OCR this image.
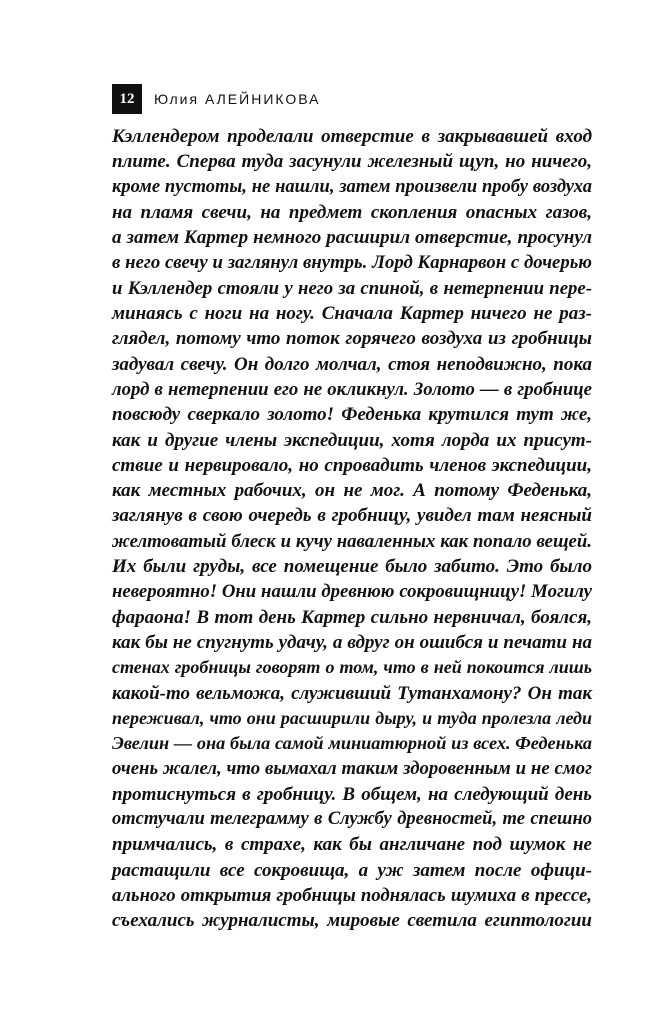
12	Юлия АЛЕЙНИКОВА
Кэллендером проделали отверстие в закрывавшей вход
плите. Сперва туда засунули железный щуп, но ничего,
кроме пустоты, не нашли, затем произвели пробу воздуха
на пламя свечи, на предмет скопления опасных газов,
а затем Картер немного расширил отверстие, просунул
в него свечу и заглянул внутрь. Лорд Карнарвон с дочерью
и Кэллендер стояли у него за спиной, в нетерпении пере-
минаясь с ноги на ногу. Сначала Картер ничего не раз-
глядел, потому что поток горячего воздуха из гробницы
задувал свечу. Он долго молчал, стоя неподвижно, пока
лорд в нетерпении его не окликнул. Золото — в гробнице
повсюду сверкало золото! Феденька крутился тут же,
как и другие члены экспедиции, хотя лорда их присут-
ствие и нервировало, но спровадить членов экспедиции,
как местных рабочих, он не мог. А потому Феденька,
заглянув в свою очередь в гробницу, увидел там неясный
желтоватый блеск и кучу наваленных как попало вещей.
Их были груды, все помещение было забито. Это было
невероятно! Они нашли древнюю сокровищницу! Могилу
фараона! В тот день Картер сильно нервничал, боялся,
как бы не спугнуть удачу, а вдруг он ошибся и печати на
стенах гробницы говорят о том, что в ней покоится лишь
какой-то вельможа, служивший Тутанхамону? Он так
переживал, что они расширили дыру, и туда пролезла леди
Эвелин — она была самой миниатюрной из всех. Феденька
очень жалел, что вымахал таким здоровенным и не смог
протиснуться в гробницу. В общем, на следующий день
отстучали телеграмму в Службу древностей, те спешно
примчались, в страхе, как бы англичане под шумок не
растащили все сокровища, а уж затем после офици-
ального открытия гробницы поднялась шумиха в прессе,
съехались журналисты, мировые светила египтологии
